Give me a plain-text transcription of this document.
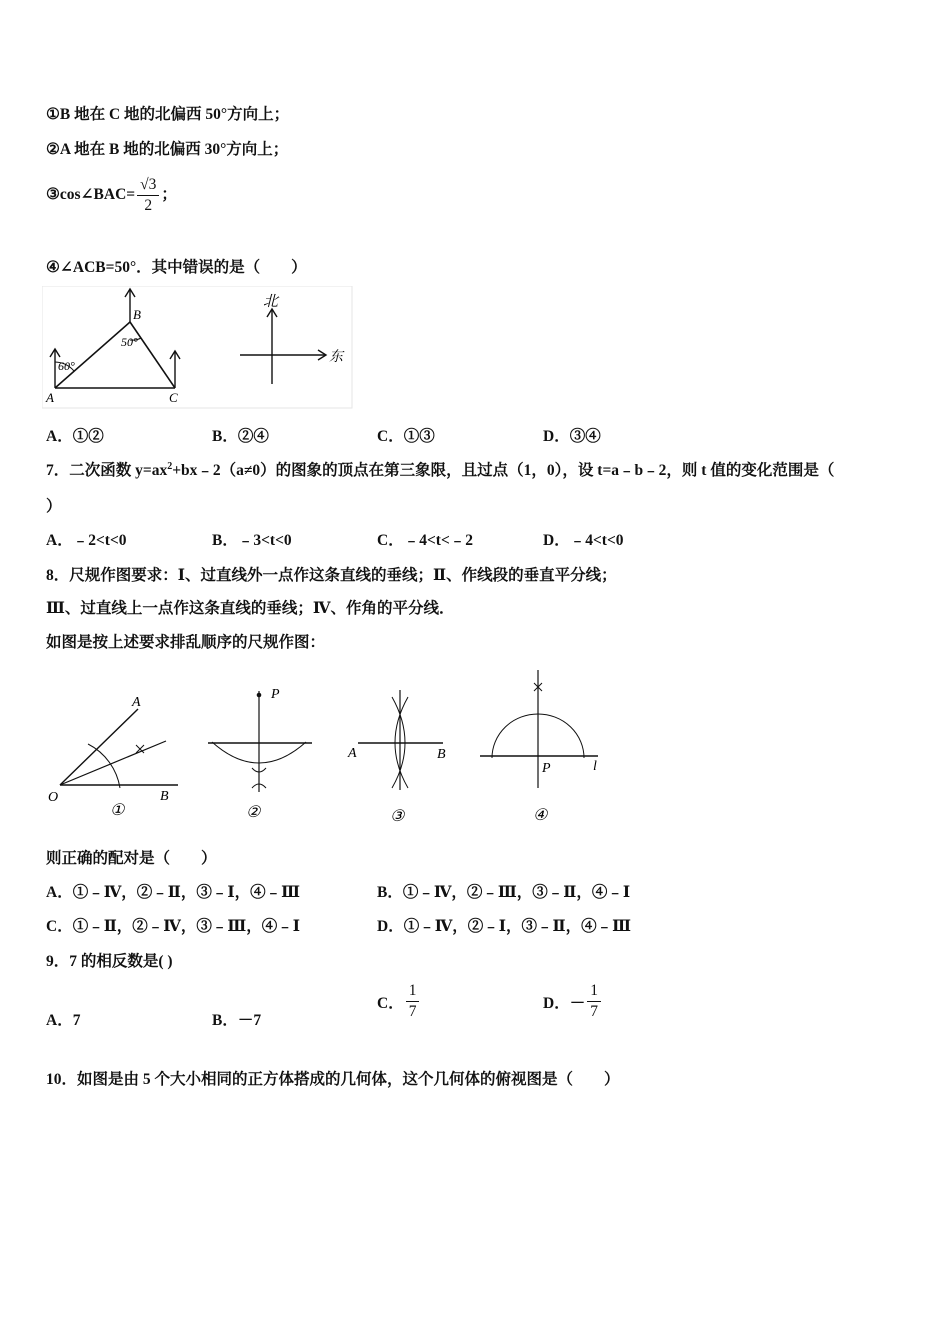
①B 地在 C 地的北偏西 50°方向上；
②A 地在 B 地的北偏西 30°方向上；
③cos∠BAC= $\frac{√3}{2}$ ；
④∠ACB=50°．其中错误的是（　　）
B
A	C
60°
50°
北
东
A．①②	B．②④	C．①③	D．③④
7．二次函数 $y=ax^2+bx﹣2(a\ne 0)$的图象的顶点在第三象限，且过点（1，0），设 t=a﹣b﹣2，则 t 值的变化范围是（
）
A．﹣2<t<0	B．﹣3<t<0	C．﹣4<t<﹣2	D．﹣4<t<0
8．尺规作图要求：Ⅰ、过直线外一点作这条直线的垂线；Ⅱ、作线段的垂直平分线；
Ⅲ、过直线上一点作这条直线的垂线；Ⅳ、作角的平分线．
如图是按上述要求排乱顺序的尺规作图：
A
O	B
①
P
②
A	B
③
P	l
④
则正确的配对是（　　）
A．①﹣Ⅳ，②﹣Ⅱ，③﹣Ⅰ，④﹣Ⅲ	B．①﹣Ⅳ，②﹣Ⅲ，③﹣Ⅱ，④﹣Ⅰ
C．①﹣Ⅱ，②﹣Ⅳ，③﹣Ⅲ，④﹣Ⅰ	D．①﹣Ⅳ，②﹣Ⅰ，③﹣Ⅱ，④﹣Ⅲ
9．7 的相反数是( )
A．7	B．－7
C． $\frac{1}{7}$	D．－ $\frac{1}{7}$
10．如图是由 5 个大小相同的正方体搭成的几何体，这个几何体的俯视图是（　　）
